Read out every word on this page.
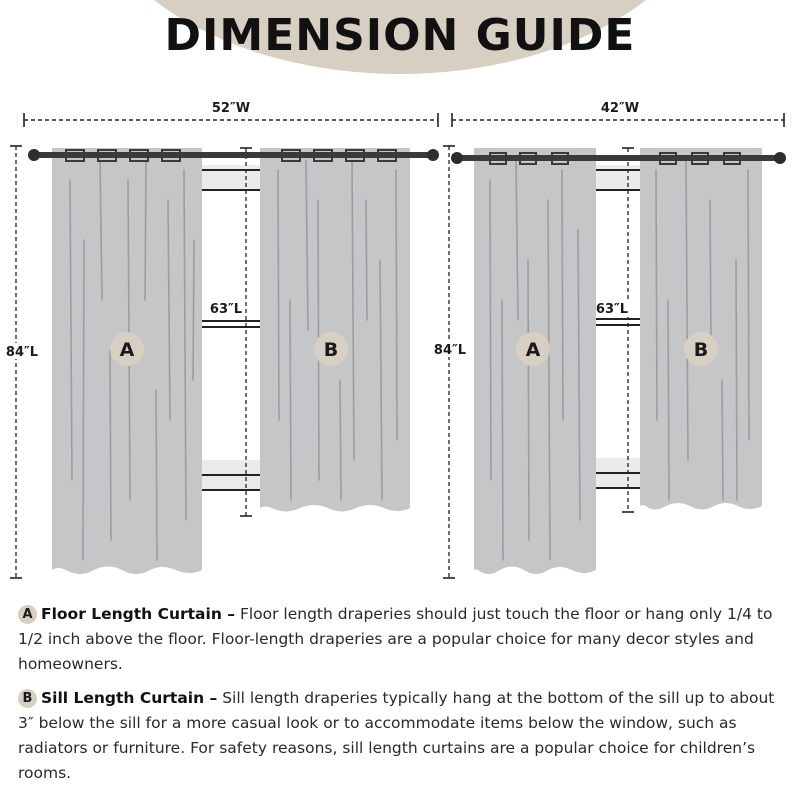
DIMENSION GUIDE
52″W
63″L
84″L	A	B
42″W
63″L
84″L	A	B
A Floor Length Curtain – Floor length draperies should just touch the floor or hang only 1/4 to 1/2 inch above the floor. Floor-length draperies are a popular choice for many decor styles and homeowners.
B Sill Length Curtain – Sill length draperies typically hang at the bottom of the sill up to about 3″ below the sill for a more casual look or to accommodate items below the window, such as radiators or furniture. For safety reasons, sill length curtains are a popular choice for children’s rooms.
